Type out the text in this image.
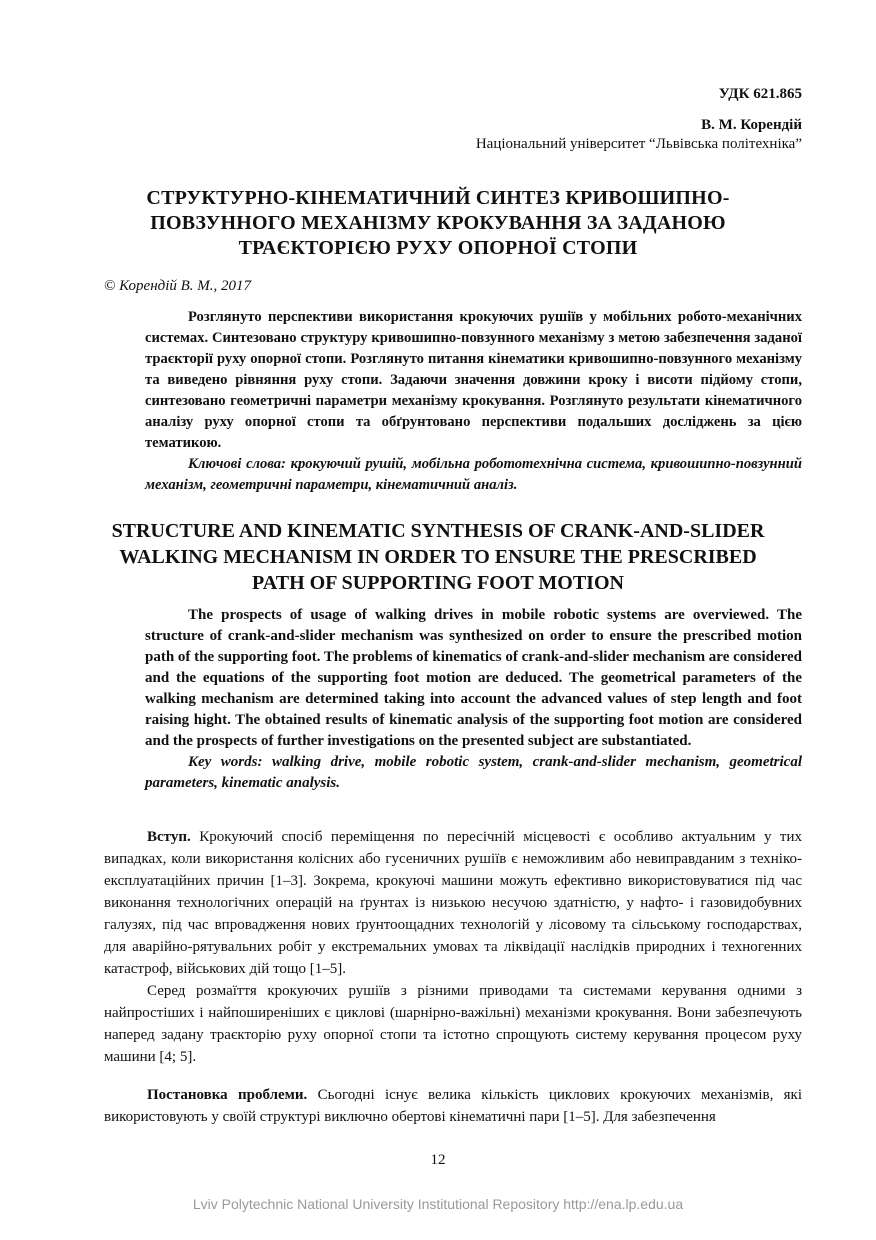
УДК 621.865
В. М. Корендій
Національний університет “Львівська політехніка”
СТРУКТУРНО-КІНЕМАТИЧНИЙ СИНТЕЗ КРИВОШИПНО-ПОВЗУННОГО МЕХАНІЗМУ КРОКУВАННЯ ЗА ЗАДАНОЮ ТРАЄКТОРІЄЮ РУХУ ОПОРНОЇ СТОПИ
© Корендій В. М., 2017

Розглянуто перспективи використання крокуючих рушіїв у мобільних робото-механічних системах. Синтезовано структуру кривошипно-повзунного механізму з метою забезпечення заданої траєкторії руху опорної стопи. Розглянуто питання кінематики кривошипно-повзунного механізму та виведено рівняння руху стопи. Задаючи значення довжини кроку і висоти підйому стопи, синтезовано геометричні параметри механізму крокування. Розглянуто результати кінематичного аналізу руху опорної стопи та обґрунтовано перспективи подальших досліджень за цією тематикою.

Ключові слова: крокуючий рушій, мобільна робототехнічна система, кривошипно-повзунний механізм, геометричні параметри, кінематичний аналіз.

STRUCTURE AND KINEMATIC SYNTHESIS OF CRANK-AND-SLIDER WALKING MECHANISM IN ORDER TO ENSURE THE PRESCRIBED PATH OF SUPPORTING FOOT MOTION

The prospects of usage of walking drives in mobile robotic systems are overviewed. The structure of crank-and-slider mechanism was synthesized on order to ensure the prescribed motion path of the supporting foot. The problems of kinematics of crank-and-slider mechanism are considered and the equations of the supporting foot motion are deduced. The geometrical parameters of the walking mechanism are determined taking into account the advanced values of step length and foot raising hight. The obtained results of kinematic analysis of the supporting foot motion are considered and the prospects of further investigations on the presented subject are substantiated.

Key words: walking drive, mobile robotic system, crank-and-slider mechanism, geometrical parameters, kinematic analysis.

Вступ. Крокуючий спосіб переміщення по пересічній місцевості є особливо актуальним у тих випадках, коли використання колісних або гусеничних рушіїв є неможливим або невиправданим з техніко-експлуатаційних причин [1–3]. Зокрема, крокуючі машини можуть ефективно використовуватися під час виконання технологічних операцій на ґрунтах із низькою несучою здатністю, у нафто- і газовидобувних галузях, під час впровадження нових ґрунтоощадних технологій у лісовому та сільському господарствах, для аварійно-рятувальних робіт у екстремальних умовах та ліквідації наслідків природних і техногенних катастроф, військових дій тощо [1–5].

Серед розмаїття крокуючих рушіїв з різними приводами та системами керування одними з найпростіших і найпоширеніших є циклові (шарнірно-важільні) механізми крокування. Вони забезпечують наперед задану траєкторію руху опорної стопи та істотно спрощують систему керування процесом руху машини [4; 5].

Постановка проблеми. Сьогодні існує велика кількість циклових крокуючих механізмів, які використовують у своїй структурі виключно обертові кінематичні пари [1–5]. Для забезпечення

12
Lviv Polytechnic National University Institutional Repository http://ena.lp.edu.ua
